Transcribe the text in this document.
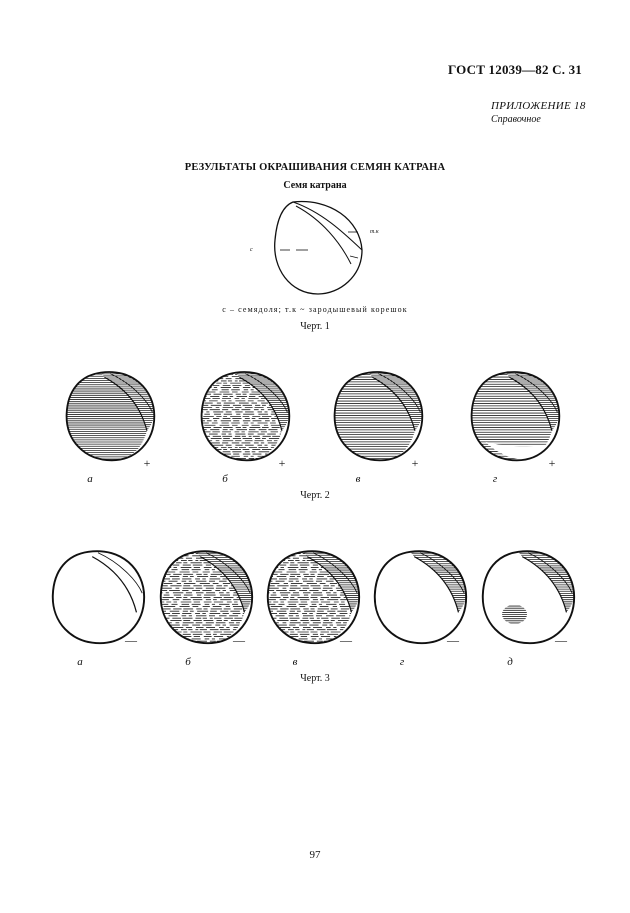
ГОСТ 12039—82 С. 31
ПРИЛОЖЕНИЕ 18
Справочное
РЕЗУЛЬТАТЫ ОКРАШИВАНИЯ СЕМЯН КАТРАНА
Семя катрана
с
т.к
с – семядоля; т.к ~ зародышевый корешок
Черт. 1
Черт. 2
Черт. 3
97
+
а
+
б
+
в
+
г
—
а
—
б
—
в
—
г
—
д
